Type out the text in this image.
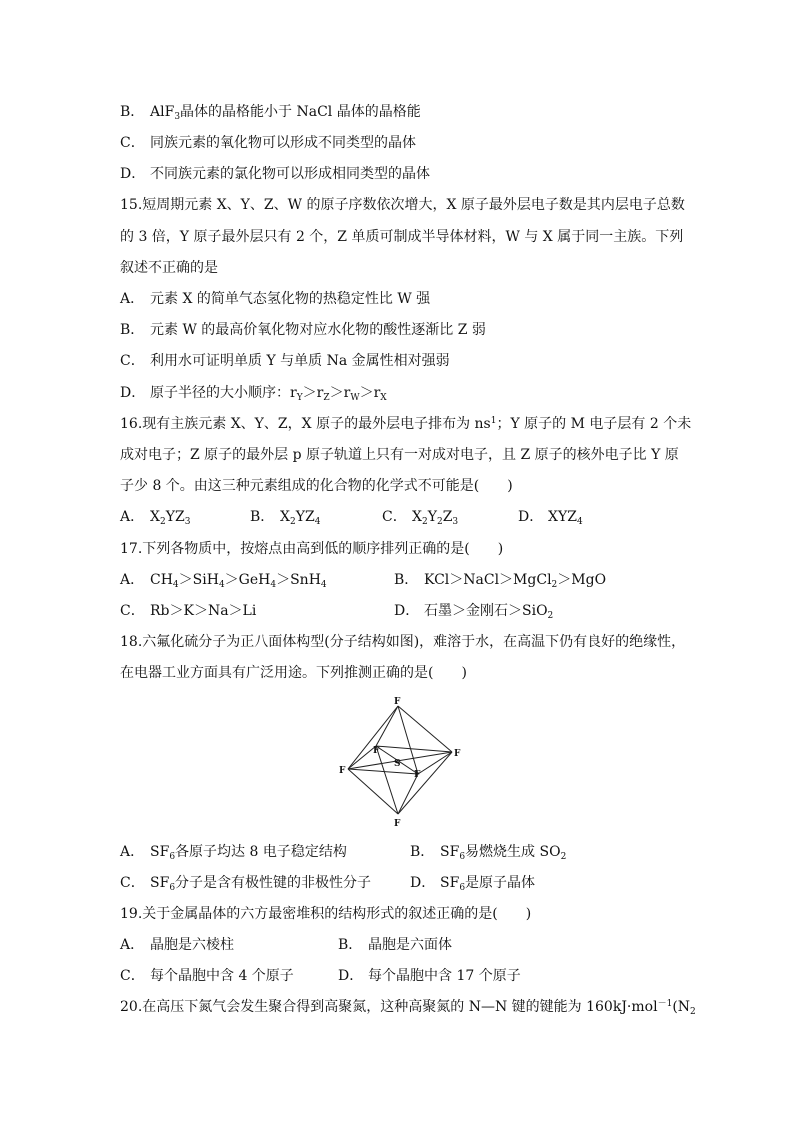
B． AlF$_3$晶体的晶格能小于 NaCl 晶体的晶格能
C． 同族元素的氧化物可以形成不同类型的晶体
D． 不同族元素的氯化物可以形成相同类型的晶体
15.短周期元素 X、Y、Z、W 的原子序数依次增大，X 原子最外层电子数是其内层电子总数
的 3 倍，Y 原子最外层只有 2 个，Z 单质可制成半导体材料，W 与 X 属于同一主族。下列
叙述不正确的是
A． 元素 X 的简单气态氢化物的热稳定性比 W 强
B． 元素 W 的最高价氧化物对应水化物的酸性逐渐比 Z 弱
C． 利用水可证明单质 Y 与单质 Na 金属性相对强弱
D． 原子半径的大小顺序：$r_Y>r_Z>r_W>r_X$
16.现有主族元素 X、Y、Z，X 原子的最外层电子排布为 $ns^1$；Y 原子的 M 电子层有 2 个未
成对电子；Z 原子的最外层 p 原子轨道上只有一对成对电子，且 Z 原子的核外电子比 Y 原
子少 8 个。由这三种元素组成的化合物的化学式不可能是(　　)
A． $X_2YZ_3$	B． $X_2YZ_4$	C． $X_2Y_2Z_3$	D． $XYZ_4$
17.下列各物质中，按熔点由高到低的顺序排列正确的是(　　)
A． $CH_4>SiH_4>GeH_4>SnH_4$	B． KCl＞NaCl＞MgCl$_2$＞MgO
C． Rb＞K＞Na＞Li	D． 石墨＞金刚石＞SiO$_2$
18.六氟化硫分子为正八面体构型(分子结构如图)，难溶于水，在高温下仍有良好的绝缘性，
在电器工业方面具有广泛用途。下列推测正确的是(　　)
F
F
F
F
F
F
S
A． $SF_6$各原子均达 8 电子稳定结构	B． $SF_6$易燃烧生成 $SO_2$
C． $SF_6$分子是含有极性键的非极性分子	D． $SF_6$是原子晶体
19.关于金属晶体的六方最密堆积的结构形式的叙述正确的是(　　)
A． 晶胞是六棱柱	B． 晶胞是六面体
C． 每个晶胞中含 4 个原子	D． 每个晶胞中含 17 个原子
20.在高压下氮气会发生聚合得到高聚氮，这种高聚氮的 N—N 键的键能为 $160kJ\cdot mol^{-1}(N_2$
